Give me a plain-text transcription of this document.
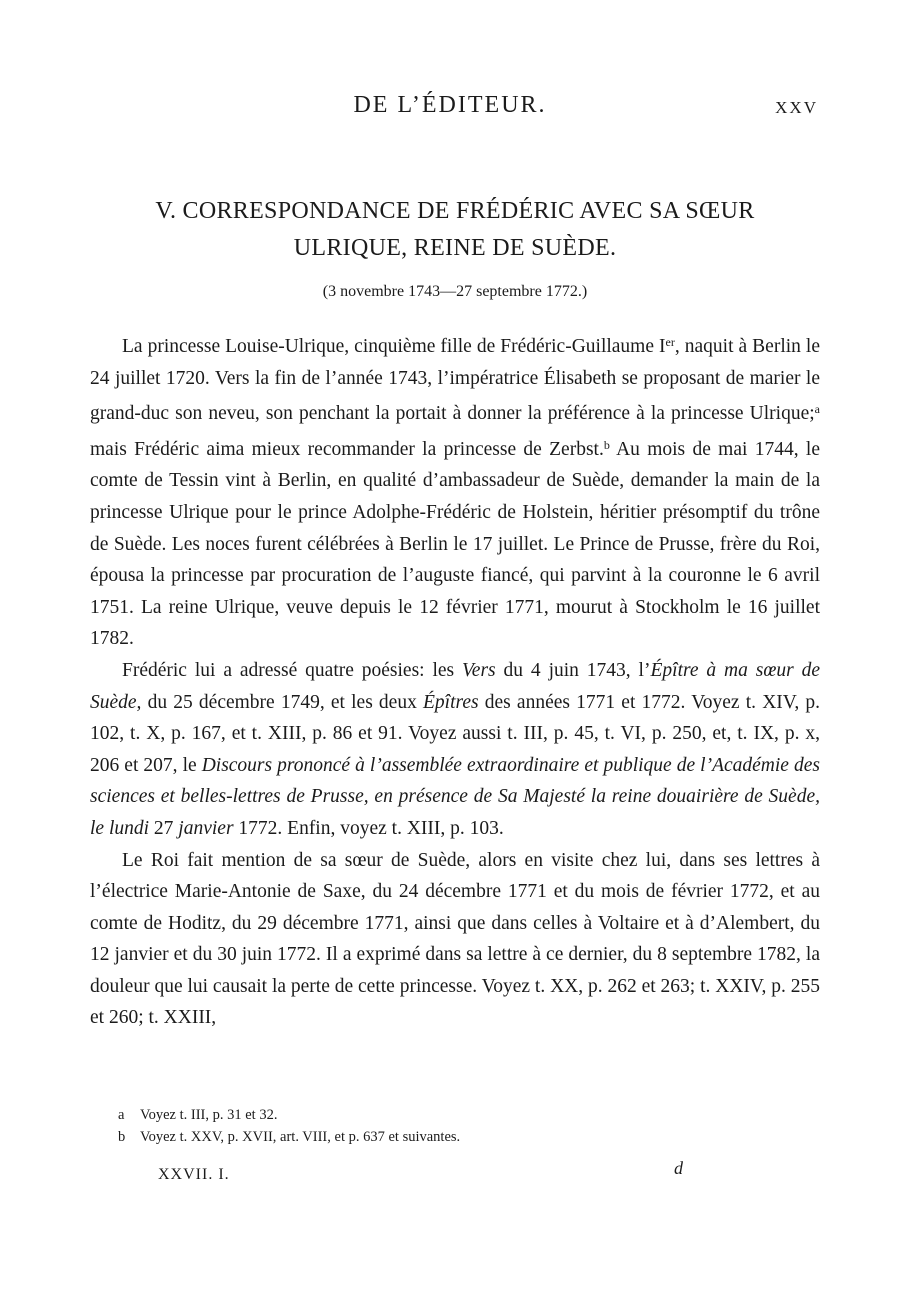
DE L’ÉDITEUR.	XXV
V. CORRESPONDANCE DE FRÉDÉRIC AVEC SA SŒUR
ULRIQUE, REINE DE SUÈDE.
(3 novembre 1743—27 septembre 1772.)

La princesse Louise-Ulrique, cinquième fille de Frédéric-Guillaume Ier, naquit à Berlin le 24 juillet 1720. Vers la fin de l’année 1743, l’impératrice Élisabeth se proposant de marier le grand-duc son neveu, son penchant la portait à donner la préférence à la princesse Ulrique;$^a$ mais Frédéric aima mieux recommander la princesse de Zerbst.$^b$ Au mois de mai 1744, le comte de Tessin vint à Berlin, en qualité d’ambassadeur de Suède, demander la main de la princesse Ulrique pour le prince Adolphe-Frédéric de Holstein, héritier présomptif du trône de Suède. Les noces furent célébrées à Berlin le 17 juillet. Le Prince de Prusse, frère du Roi, épousa la princesse par procuration de l’auguste fiancé, qui parvint à la couronne le 6 avril 1751. La reine Ulrique, veuve depuis le 12 février 1771, mourut à Stockholm le 16 juillet 1782.

Frédéric lui a adressé quatre poésies: les Vers du 4 juin 1743, l’Épître à ma sœur de Suède, du 25 décembre 1749, et les deux Épîtres des années 1771 et 1772. Voyez t. XIV, p. 102, t. X, p. 167, et t. XIII, p. 86 et 91. Voyez aussi t. III, p. 45, t. VI, p. 250, et, t. IX, p. x, 206 et 207, le Discours prononcé à l’assemblée extraordinaire et publique de l’Académie des sciences et belles-lettres de Prusse, en présence de Sa Majesté la reine douairière de Suède, le lundi 27 janvier 1772. Enfin, voyez t. XIII, p. 103.

Le Roi fait mention de sa sœur de Suède, alors en visite chez lui, dans ses lettres à l’électrice Marie-Antonie de Saxe, du 24 décembre 1771 et du mois de février 1772, et au comte de Hoditz, du 29 décembre 1771, ainsi que dans celles à Voltaire et à d’Alembert, du 12 janvier et du 30 juin 1772. Il a exprimé dans sa lettre à ce dernier, du 8 septembre 1782, la douleur que lui causait la perte de cette princesse. Voyez t. XX, p. 262 et 263; t. XXIV, p. 255 et 260; t. XXIII,

a Voyez t. III, p. 31 et 32.
b Voyez t. XXV, p. XVII, art. VIII, et p. 637 et suivantes.
XXVII. I.	d
